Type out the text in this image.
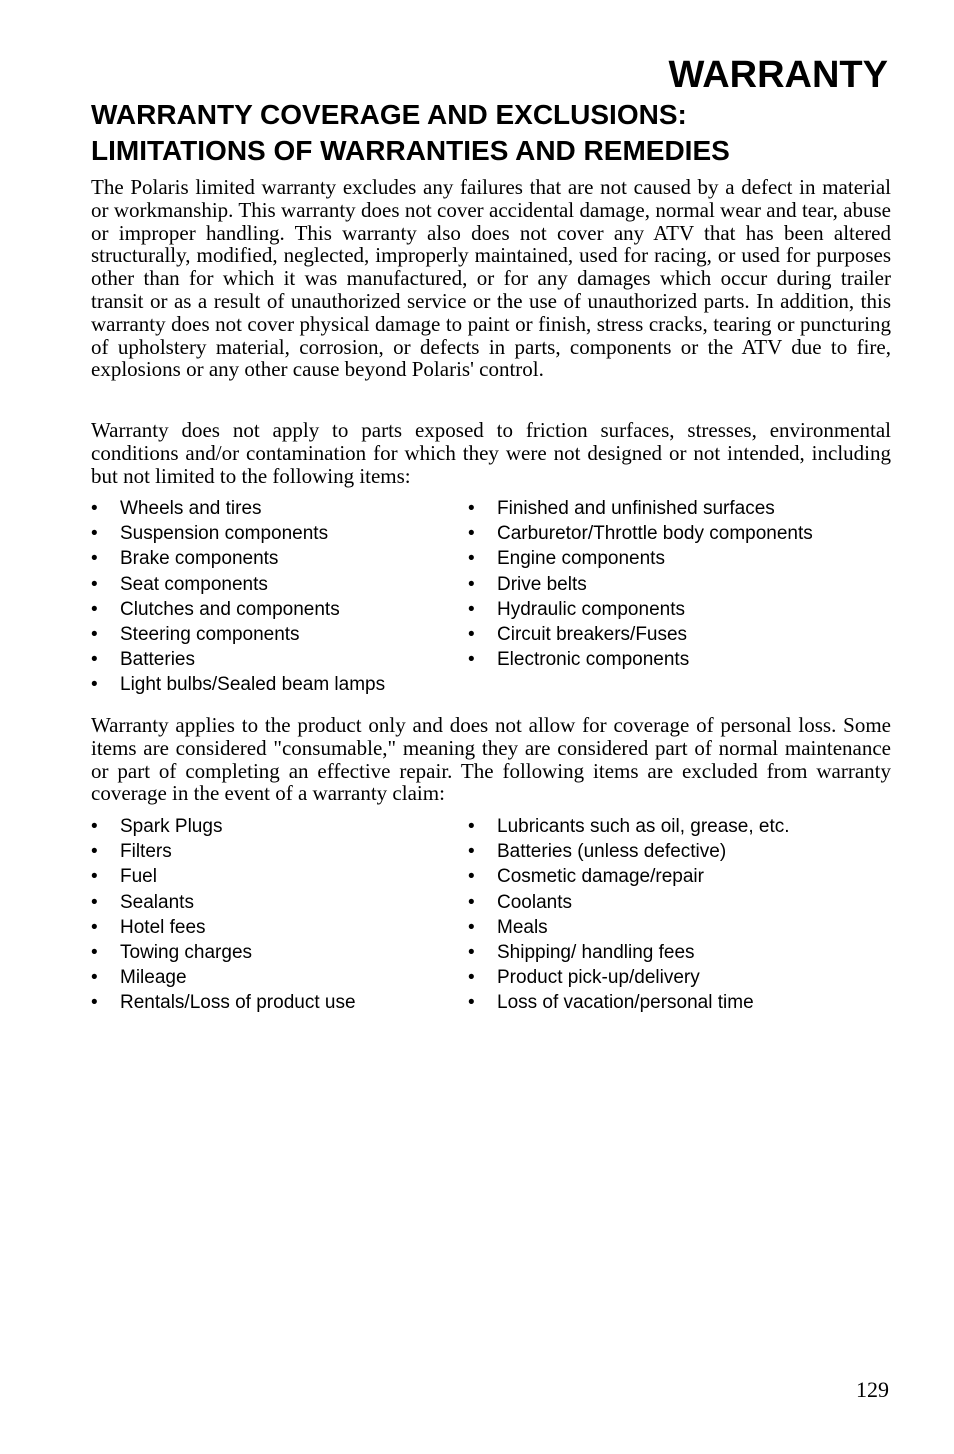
WARRANTY
WARRANTY COVERAGE AND EXCLUSIONS:
LIMITATIONS OF WARRANTIES AND REMEDIES

The Polaris limited warranty excludes any failures that are not caused by a defect in material or workmanship. This warranty does not cover accidental damage, normal wear and tear, abuse or improper handling. This warranty also does not cover any ATV that has been altered structurally, modified, neglected, improperly maintained, used for racing, or used for purposes other than for which it was manufactured, or for any damages which occur during trailer transit or as a result of unauthorized service or the use of unauthorized parts. In addition, this warranty does not cover physical damage to paint or finish, stress cracks, tearing or puncturing of upholstery material, corrosion, or defects in parts, components or the ATV due to fire, explosions or any other cause beyond Polaris' control.

Warranty does not apply to parts exposed to friction surfaces, stresses, environmental conditions and/or contamination for which they were not designed or not intended, including but not limited to the following items:

• Wheels and tires
• Suspension components
• Brake components
• Seat components
• Clutches and components
• Steering components
• Batteries
• Light bulbs/Sealed beam lamps
• Finished and unfinished surfaces
• Carburetor/Throttle body components
• Engine components
• Drive belts
• Hydraulic components
• Circuit breakers/Fuses
• Electronic components

Warranty applies to the product only and does not allow for coverage of personal loss. Some items are considered "consumable," meaning they are considered part of normal maintenance or part of completing an effective repair. The following items are excluded from warranty coverage in the event of a warranty claim:

• Spark Plugs
• Filters
• Fuel
• Sealants
• Hotel fees
• Towing charges
• Mileage
• Rentals/Loss of product use
• Lubricants such as oil, grease, etc.
• Batteries (unless defective)
• Cosmetic damage/repair
• Coolants
• Meals
• Shipping/ handling fees
• Product pick-up/delivery
• Loss of vacation/personal time
129
